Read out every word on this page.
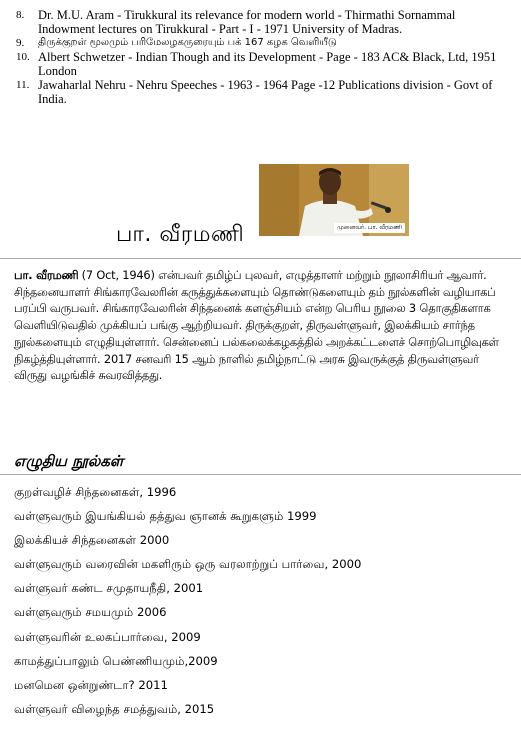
8.	Dr. M.U. Aram - Tirukkural its relevance for modern world - Thirmathi Sornammal Indowment lectures on Tirukkural - Part - I - 1971 University of Madras.

9.	திருக்குறள் மூலமும் பரிமேலழகருரையும் பக் 167 கழக வெளியீடு

10. Albert Schwetzer - Indian Though and its Development - Page - 183 AC& Black, Ltd, 1951 London

11. Jawaharlal Nehru - Nehru Speeches - 1963 - 1964 Page -12 Publications division - Govt of India.

முனைவர். பா. வீரமணி
பா. வீரமணி
பா. வீரமணி (7 Oct, 1946) என்பவர் தமிழ்ப் புலவர், எழுத்தாளர் மற்றும் நூலாசிரியர் ஆவார். சிந்தனையாளர் சிங்காரவேலரின் கருத்துக்களையும் தொண்டுகளையும் தம் நூல்களின் வழியாகப் பரப்பி வருபவர். சிங்காரவேலரின் சிந்தனைக் களஞ்சியம் என்ற பெரிய நூலை 3 தொகுதிகளாக வெளியிடுவதில் முக்கியப் பங்கு ஆற்றியவர். திருக்குறள், திருவள்ளுவர், இலக்கியம் சார்ந்த நூல்களையும் எழுதியுள்ளார். சென்னைப் பல்கலைக்கழகத்தில் அறக்கட்டளைச் சொற்பொழிவுகள் நிகழ்த்தியுள்ளார். 2017 சனவரி 15 ஆம் நாளில் தமிழ்நாட்டு அரசு இவருக்குத் திருவள்ளுவர் விருது வழங்கிச் சுவரவித்தது.
எழுதிய நூல்கள்
குறள்வழிச் சிந்தனைகள், 1996
வள்ளுவரும் இயங்கியல் தத்துவ ஞானக் கூறுகளும் 1999
இலக்கியச் சிந்தனைகள் 2000
வள்ளுவரும் வரைவின் மகளிரும் ஒரு வரலாற்றுப் பார்வை, 2000
வள்ளுவர் கண்ட சமுதாயநீதி, 2001
வள்ளுவரும் சமயமும் 2006
வள்ளுவரின் உலகப்பார்வை, 2009
காமத்துப்பாலும் பெண்ணியமும்,2009
மனமென ஒன்றுண்டா? 2011
வள்ளுவர் விழைந்த சமத்துவம், 2015
